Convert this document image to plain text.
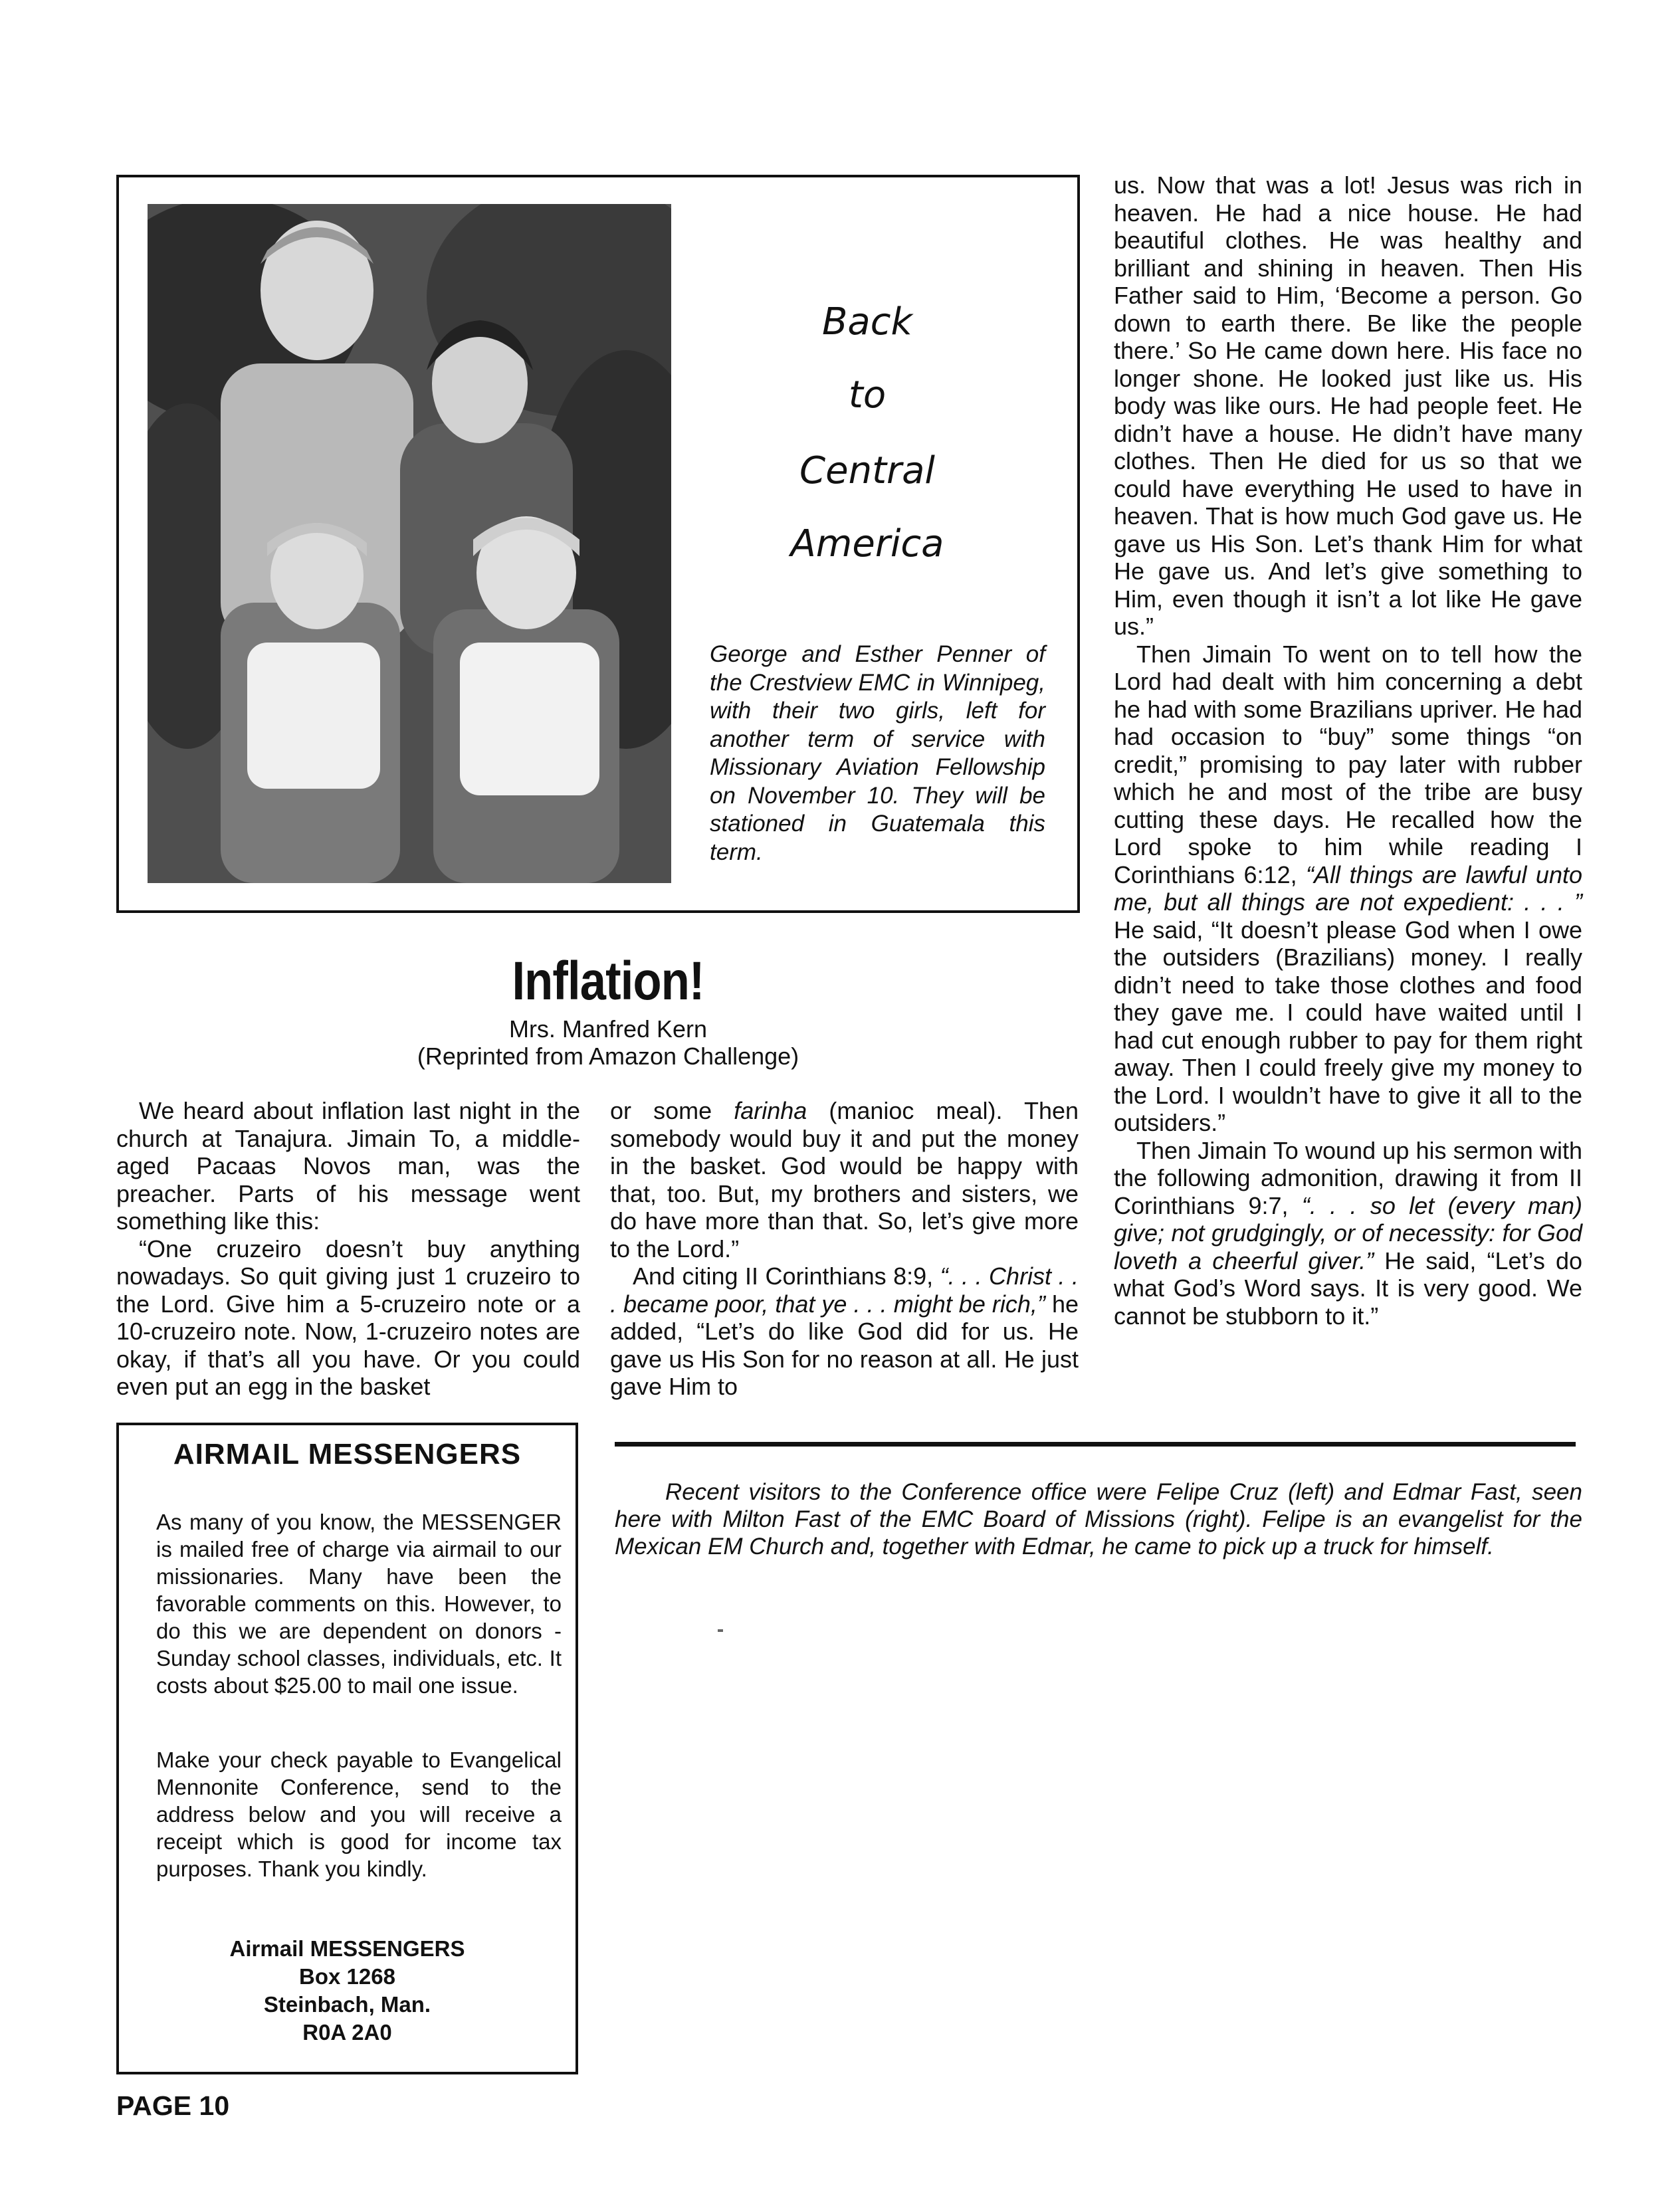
Back
to
Central
America
George and Esther Penner of the Crestview EMC in Winnipeg, with their two girls, left for another term of service with Missionary Aviation Fellowship on November 10. They will be stationed in Guatemala this term.
Inflation!
Mrs. Manfred Kern
(Reprinted from Amazon Challenge)

We heard about inflation last night in the church at Tanajura. Jimain To, a middle-aged Pacaas Novos man, was the preacher. Parts of his message went something like this:

“One cruzeiro doesn’t buy anything nowadays. So quit giving just 1 cruzeiro to the Lord. Give him a 5-cruzeiro note or a 10-cruzeiro note. Now, 1-cruzeiro notes are okay, if that’s all you have. Or you could even put an egg in the basket

or some farinha (manioc meal). Then somebody would buy it and put the money in the basket. God would be happy with that, too. But, my brothers and sisters, we do have more than that. So, let’s give more to the Lord.”

And citing II Corinthians 8:9, “. . . Christ . . . became poor, that ye . . . might be rich,” he added, “Let’s do like God did for us. He gave us His Son for no reason at all. He just gave Him to

us. Now that was a lot! Jesus was rich in heaven. He had a nice house. He had beautiful clothes. He was healthy and brilliant and shining in heaven. Then His Father said to Him, ‘Become a person. Go down to earth there. Be like the people there.’ So He came down here. His face no longer shone. He looked just like us. His body was like ours. He had people feet. He didn’t have a house. He didn’t have many clothes. Then He died for us so that we could have everything He used to have in heaven. That is how much God gave us. He gave us His Son. Let’s thank Him for what He gave us. And let’s give something to Him, even though it isn’t a lot like He gave us.”

Then Jimain To went on to tell how the Lord had dealt with him concerning a debt he had with some Brazilians upriver. He had had occasion to “buy” some things “on credit,” promising to pay later with rubber which he and most of the tribe are busy cutting these days. He recalled how the Lord spoke to him while reading I Corinthians 6:12, “All things are lawful unto me, but all things are not expedient: . . . ” He said, “It doesn’t please God when I owe the outsiders (Brazilians) money. I really didn’t need to take those clothes and food they gave me. I could have waited until I had cut enough rubber to pay for them right away. Then I could freely give my money to the Lord. I wouldn’t have to give it all to the outsiders.”

Then Jimain To wound up his sermon with the following admonition, drawing it from II Corinthians 9:7, “. . . so let (every man) give; not grudgingly, or of necessity: for God loveth a cheerful giver.” He said, “Let’s do what God’s Word says. It is very good. We cannot be stubborn to it.”

AIRMAIL MESSENGERS

As many of you know, the MESSENGER is mailed free of charge via airmail to our missionaries. Many have been the favorable comments on this. However, to do this we are dependent on donors - Sunday school classes, individuals, etc. It costs about $25.00 to mail one issue.

Make your check payable to Evangelical Mennonite Conference, send to the address below and you will receive a receipt which is good for income tax purposes. Thank you kindly.

Airmail MESSENGERS
Box 1268
Steinbach, Man.
R0A 2A0
Recent visitors to the Conference office were Felipe Cruz (left) and Edmar Fast, seen here with Milton Fast of the EMC Board of Missions (right). Felipe is an evangelist for the Mexican EM Church and, together with Edmar, he came to pick up a truck for himself.
PAGE 10
